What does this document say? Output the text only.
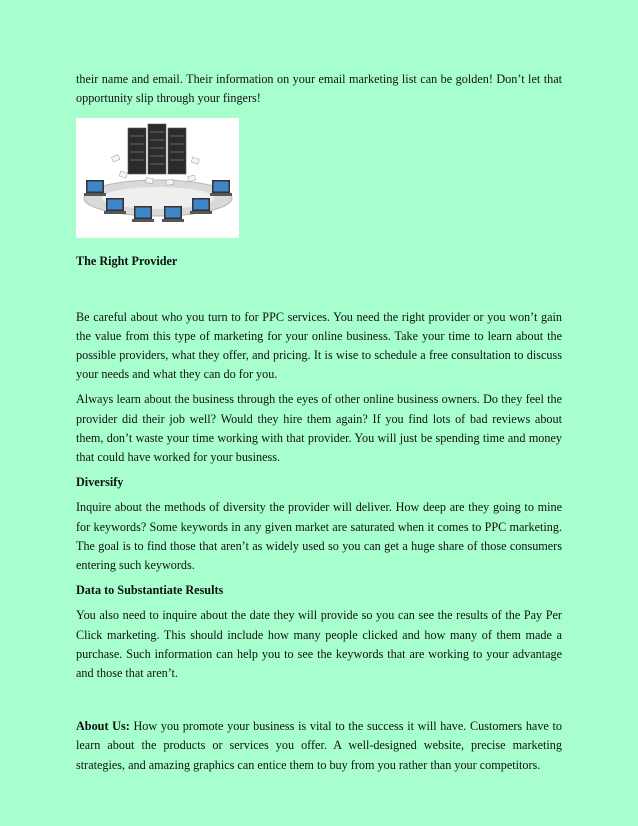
their name and email. Their information on your email marketing list can be golden! Don’t let that opportunity slip through your fingers!

The Right Provider

Be careful about who you turn to for PPC services. You need the right provider or you won’t gain the value from this type of marketing for your online business. Take your time to learn about the possible providers, what they offer, and pricing. It is wise to schedule a free consultation to discuss your needs and what they can do for you.

Always learn about the business through the eyes of other online business owners. Do they feel the provider did their job well? Would they hire them again? If you find lots of bad reviews about them, don’t waste your time working with that provider. You will just be spending time and money that could have worked for your business.

Diversify

Inquire about the methods of diversity the provider will deliver. How deep are they going to mine for keywords? Some keywords in any given market are saturated when it comes to PPC marketing. The goal is to find those that aren’t as widely used so you can get a huge share of those consumers entering such keywords.

Data to Substantiate Results

You also need to inquire about the date they will provide so you can see the results of the Pay Per Click marketing. This should include how many people clicked and how many of them made a purchase. Such information can help you to see the keywords that are working to your advantage and those that aren’t.

About Us: How you promote your business is vital to the success it will have. Customers have to learn about the products or services you offer. A well-designed website, precise marketing strategies, and amazing graphics can entice them to buy from you rather than your competitors.
